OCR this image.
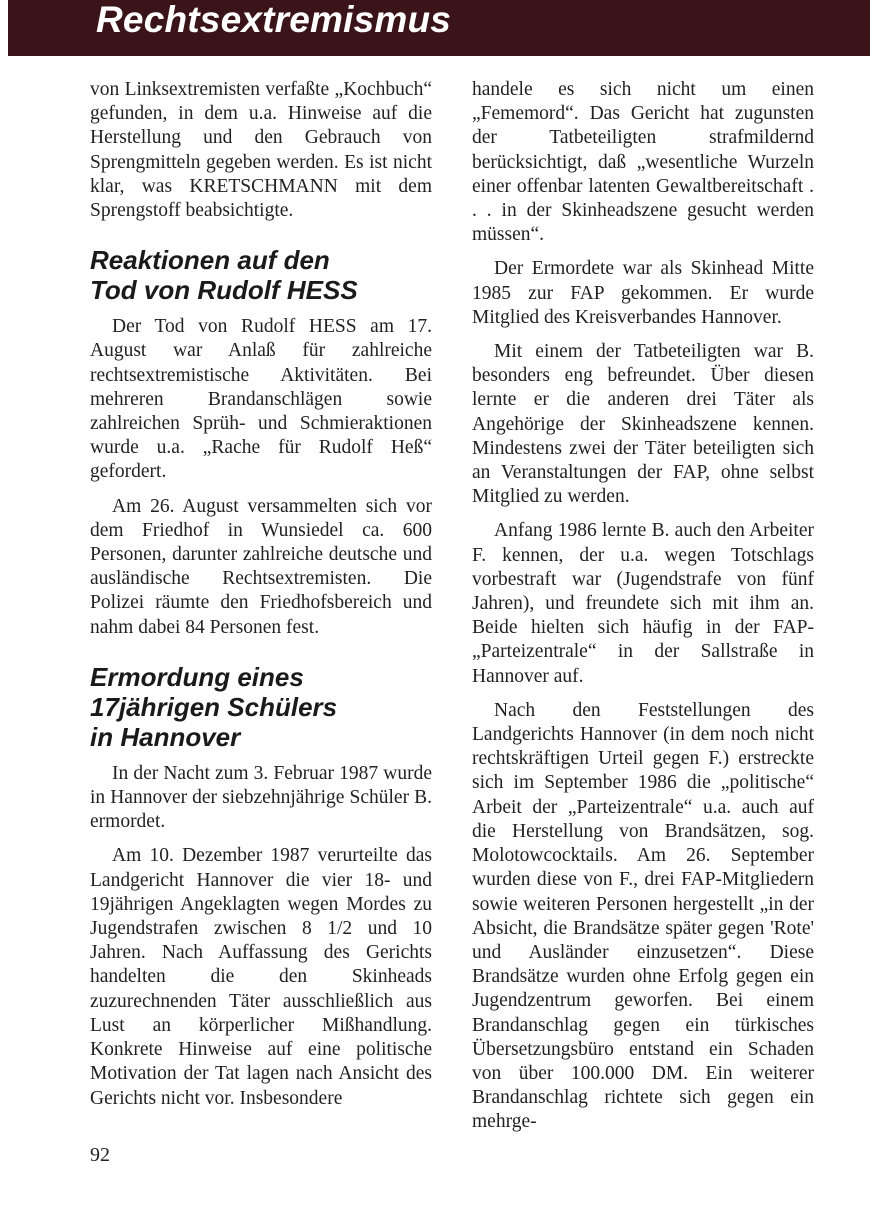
Rechtsextremismus

von Linksextremisten verfaßte „Kochbuch“ gefunden, in dem u.a. Hinweise auf die Herstellung und den Gebrauch von Sprengmitteln gegeben werden. Es ist nicht klar, was KRETSCHMANN mit dem Sprengstoff beabsichtigte.

Reaktionen auf den
Tod von Rudolf HESS

Der Tod von Rudolf HESS am 17. August war Anlaß für zahlreiche rechtsextremistische Aktivitäten. Bei mehreren Brandanschlägen sowie zahlreichen Sprüh- und Schmieraktionen wurde u.a. „Rache für Rudolf Heß“ gefordert.

Am 26. August versammelten sich vor dem Friedhof in Wunsiedel ca. 600 Personen, darunter zahlreiche deutsche und ausländische Rechtsextremisten. Die Polizei räumte den Friedhofsbereich und nahm dabei 84 Personen fest.

Ermordung eines
17jährigen Schülers
in Hannover

In der Nacht zum 3. Februar 1987 wurde in Hannover der siebzehnjährige Schüler B. ermordet.

Am 10. Dezember 1987 verurteilte das Landgericht Hannover die vier 18- und 19jährigen Angeklagten wegen Mordes zu Jugendstrafen zwischen 8 1/2 und 10 Jahren. Nach Auffassung des Gerichts handelten die den Skinheads zuzurechnenden Täter ausschließlich aus Lust an körperlicher Mißhandlung. Konkrete Hinweise auf eine politische Motivation der Tat lagen nach Ansicht des Gerichts nicht vor. Insbesondere

handele es sich nicht um einen „Fememord“. Das Gericht hat zugunsten der Tatbeteiligten strafmildernd berücksichtigt, daß „wesentliche Wurzeln einer offenbar latenten Gewaltbereitschaft . . . in der Skinheadszene gesucht werden müssen“.

Der Ermordete war als Skinhead Mitte 1985 zur FAP gekommen. Er wurde Mitglied des Kreisverbandes Hannover.

Mit einem der Tatbeteiligten war B. besonders eng befreundet. Über diesen lernte er die anderen drei Täter als Angehörige der Skinheadszene kennen. Mindestens zwei der Täter beteiligten sich an Veranstaltungen der FAP, ohne selbst Mitglied zu werden.

Anfang 1986 lernte B. auch den Arbeiter F. kennen, der u.a. wegen Totschlags vorbestraft war (Jugendstrafe von fünf Jahren), und freundete sich mit ihm an. Beide hielten sich häufig in der FAP-„Parteizentrale“ in der Sallstraße in Hannover auf.

Nach den Feststellungen des Landgerichts Hannover (in dem noch nicht rechtskräftigen Urteil gegen F.) erstreckte sich im September 1986 die „politische“ Arbeit der „Parteizentrale“ u.a. auch auf die Herstellung von Brandsätzen, sog. Molotowcocktails. Am 26. September wurden diese von F., drei FAP-Mitgliedern sowie weiteren Personen hergestellt „in der Absicht, die Brandsätze später gegen 'Rote' und Ausländer einzusetzen“. Diese Brandsätze wurden ohne Erfolg gegen ein Jugendzentrum geworfen. Bei einem Brandanschlag gegen ein türkisches Übersetzungsbüro entstand ein Schaden von über 100.000 DM. Ein weiterer Brandanschlag richtete sich gegen ein mehrge-

92
